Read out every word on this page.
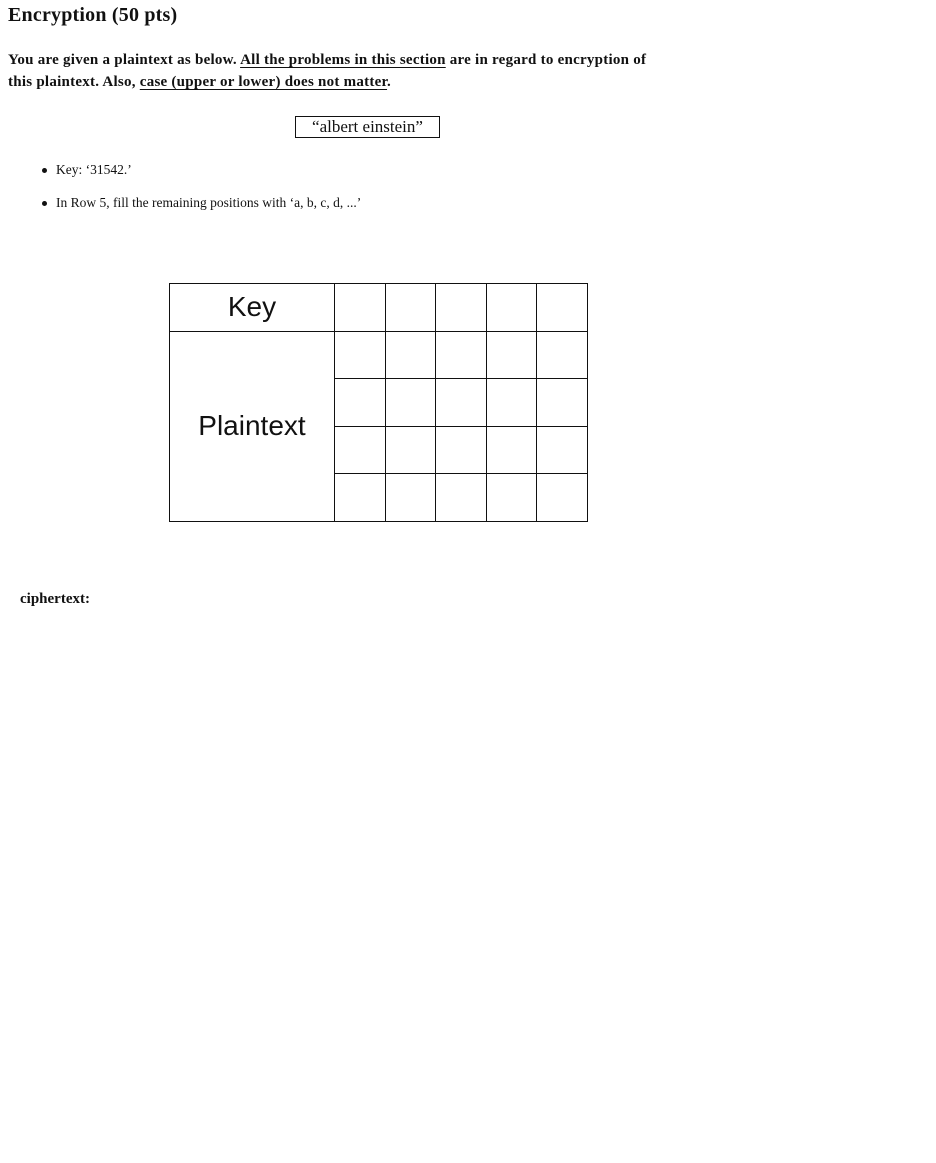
Encryption (50 pts)
You are given a plaintext as below. All the problems in this section are in regard to encryption of
this plaintext. Also, case (upper or lower) does not matter.
“albert einstein”
Key: ‘31542.’
In Row 5, fill the remaining positions with ‘a, b, c, d, ...’
Key					
Plaintext					

ciphertext:
